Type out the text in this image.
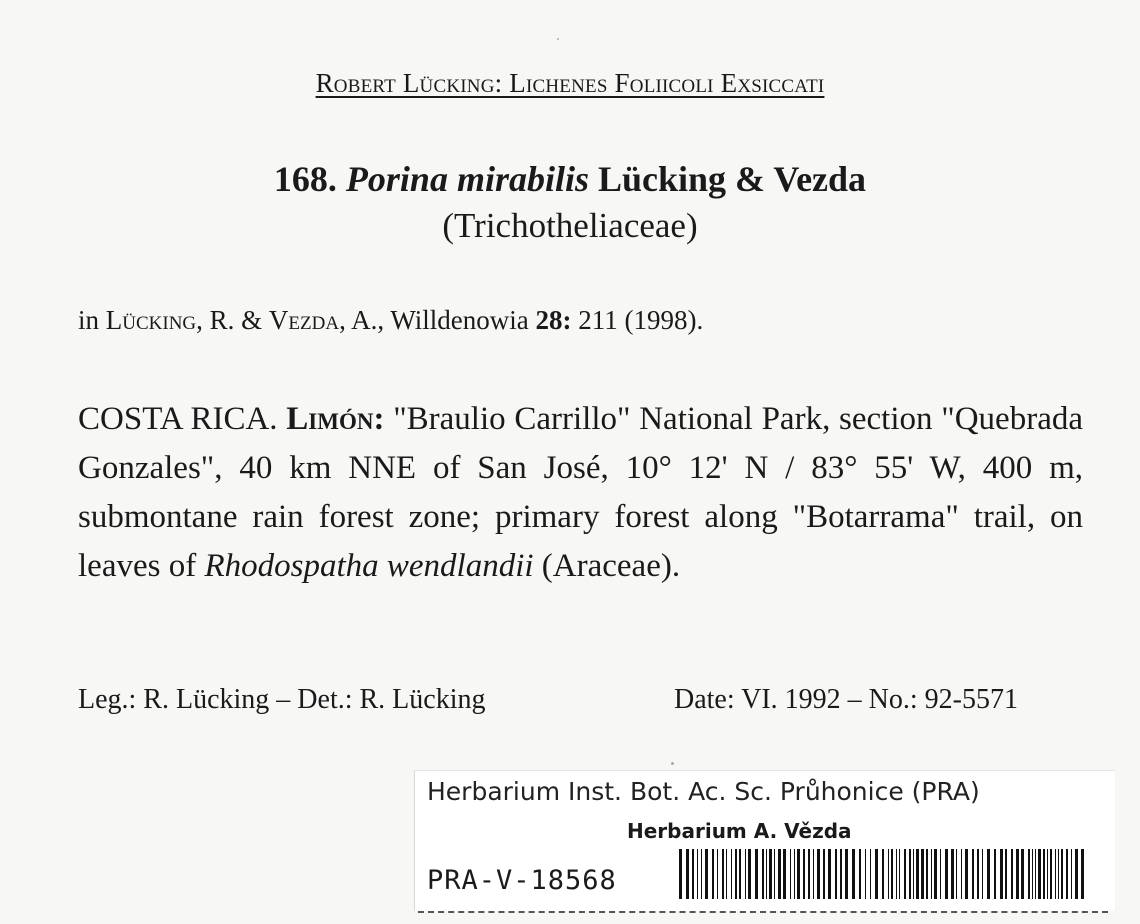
Robert Lücking: Lichenes Foliicoli Exsiccati
168. Porina mirabilis Lücking & Vezda
(Trichotheliaceae)
in Lücking, R. & Vezda, A., Willdenowia 28: 211 (1998).
COSTA RICA. Limón: "Braulio Carrillo" National Park, section "Quebrada Gonzales", 40 km NNE of San José, 10° 12' N / 83° 55' W, 400 m, submontane rain forest zone; primary forest along "Botarrama" trail, on leaves of Rhodospatha wendlandii (Araceae).
Leg.: R. Lücking – Det.: R. Lücking	Date: VI. 1992 – No.: 92-5571
Herbarium Inst. Bot. Ac. Sc. Průhonice (PRA)
Herbarium A. Vězda
PRA-V-18568
